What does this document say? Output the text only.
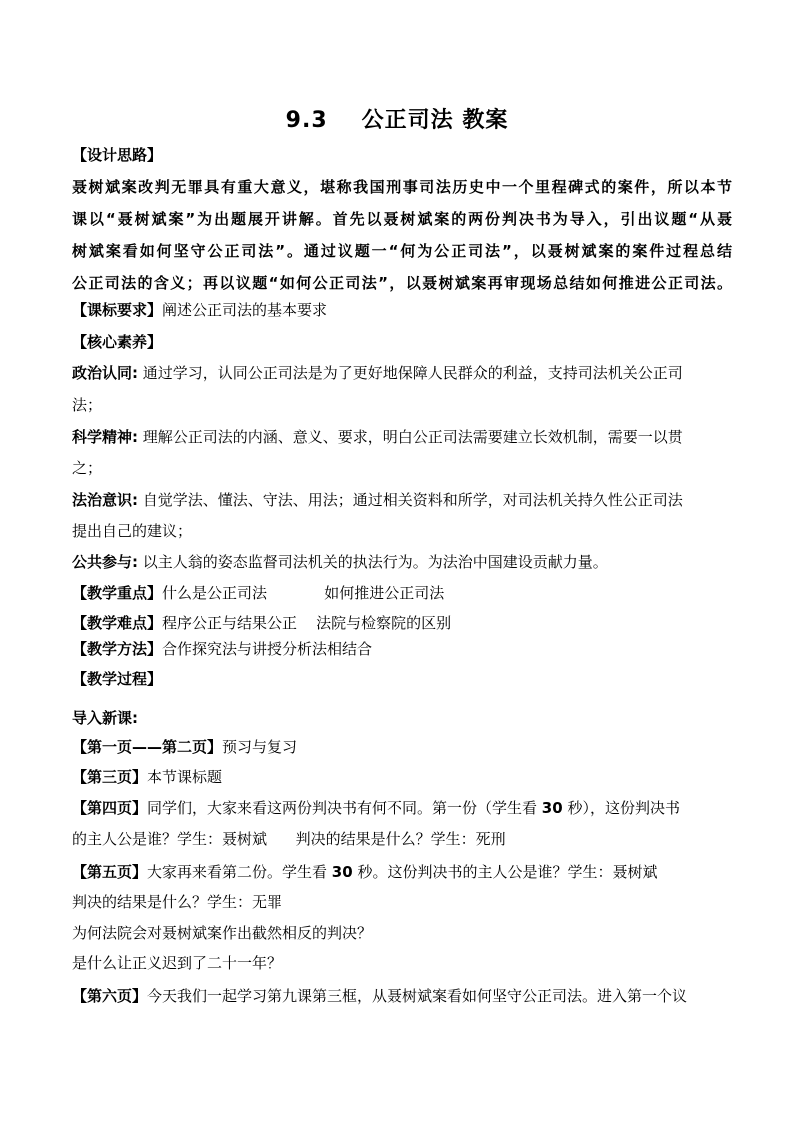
9.3 公正司法 教案
【设计思路】
聂树斌案改判无罪具有重大意义，堪称我国刑事司法历史中一个里程碑式的案件，所以本节
课以“聂树斌案”为出题展开讲解。首先以聂树斌案的两份判决书为导入，引出议题“从聂
树斌案看如何坚守公正司法”。通过议题一“何为公正司法”，以聂树斌案的案件过程总结
公正司法的含义；再以议题“如何公正司法”，以聂树斌案再审现场总结如何推进公正司法。
【课标要求】阐述公正司法的基本要求
【核心素养】
政治认同: 通过学习，认同公正司法是为了更好地保障人民群众的利益，支持司法机关公正司
法；
科学精神: 理解公正司法的内涵、意义、要求，明白公正司法需要建立长效机制，需要一以贯
之；
法治意识: 自觉学法、懂法、守法、用法；通过相关资料和所学，对司法机关持久性公正司法
提出自己的建议；
公共参与: 以主人翁的姿态监督司法机关的执法行为。为法治中国建设贡献力量。
【教学重点】什么是公正司法            如何推进公正司法
【教学难点】程序公正与结果公正    法院与检察院的区别
【教学方法】合作探究法与讲授分析法相结合
【教学过程】
导入新课:
【第一页——第二页】预习与复习
【第三页】本节课标题
【第四页】同学们，大家来看这两份判决书有何不同。第一份（学生看 30 秒），这份判决书
的主人公是谁？学生：聂树斌      判决的结果是什么？学生：死刑
【第五页】大家再来看第二份。学生看 30 秒。这份判决书的主人公是谁？学生：聂树斌
判决的结果是什么？学生：无罪
为何法院会对聂树斌案作出截然相反的判决？
是什么让正义迟到了二十一年？
【第六页】今天我们一起学习第九课第三框，从聂树斌案看如何坚守公正司法。进入第一个议
